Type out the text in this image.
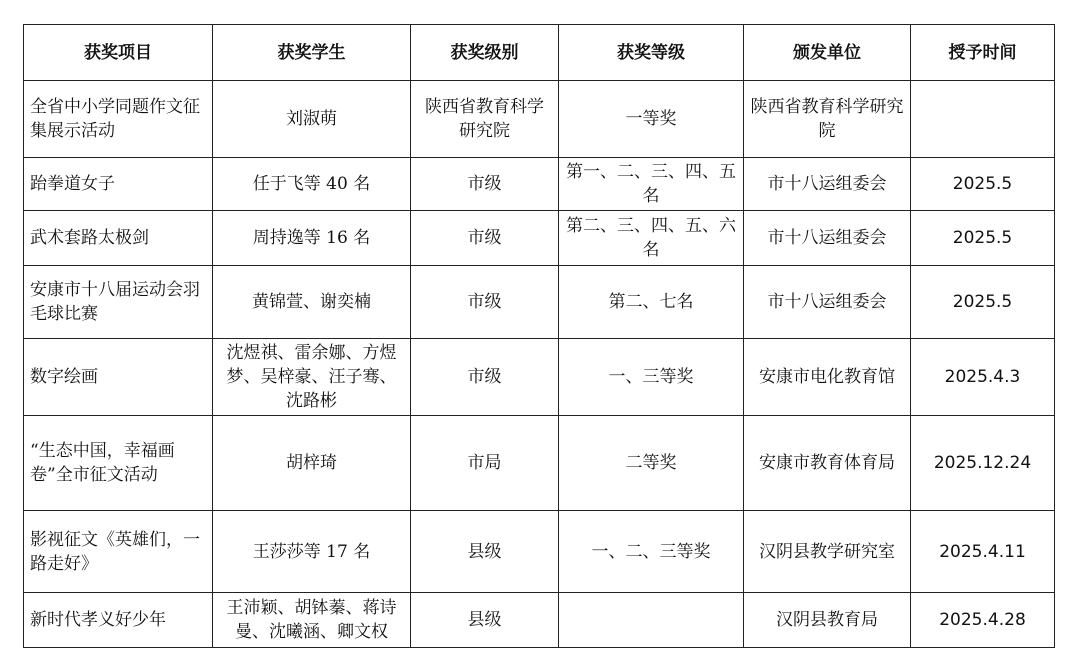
获奖项目	获奖学生	获奖级别	获奖等级	颁发单位	授予时间
全省中小学同题作文征集展示活动	刘淑萌	陕西省教育科学研究院	一等奖	陕西省教育科学研究院	
跆拳道女子	任于飞等 40 名	市级	第一、二、三、四、五名	市十八运组委会	2025.5
武术套路太极剑	周持逸等 16 名	市级	第二、三、四、五、六名	市十八运组委会	2025.5
安康市十八届运动会羽毛球比赛	黄锦萱、谢奕楠	市级	第二、七名	市十八运组委会	2025.5
数字绘画	沈煜祺、雷余娜、方煜梦、吴梓豪、汪子骞、沈路彬	市级	一、三等奖	安康市电化教育馆	2025.4.3
“生态中国，幸福画卷”全市征文活动	胡梓琦	市局	二等奖	安康市教育体育局	2025.12.24
影视征文《英雄们，一路走好》	王莎莎等 17 名	县级	一、二、三等奖	汉阴县教学研究室	2025.4.11
新时代孝义好少年	王沛颖、胡钵蓁、蒋诗曼、沈曦涵、卿文权	县级		汉阴县教育局	2025.4.28
